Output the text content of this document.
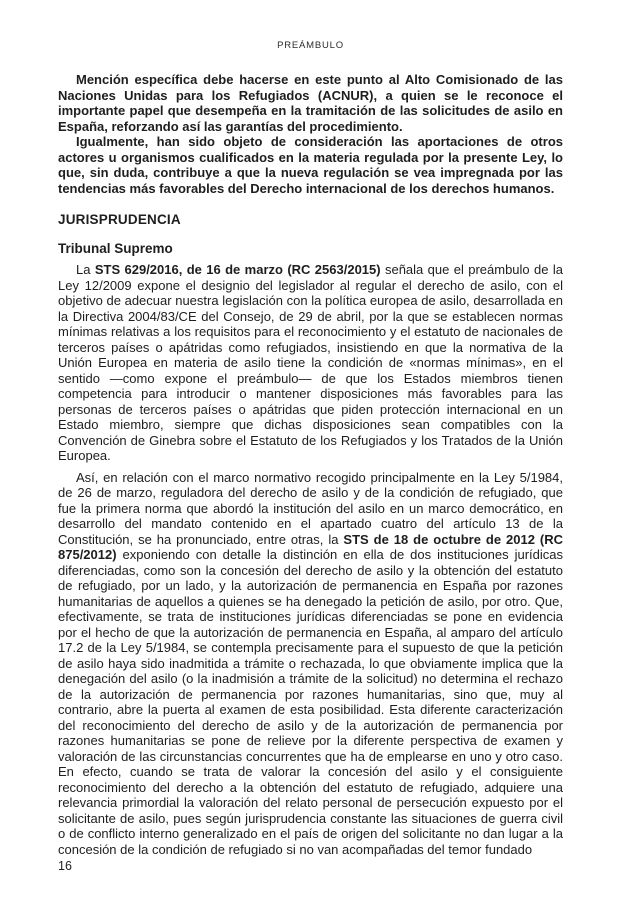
PREÁMBULO

Mención específica debe hacerse en este punto al Alto Comisionado de las Naciones Unidas para los Refugiados (ACNUR), a quien se le reconoce el importante papel que desempeña en la tramitación de las solicitudes de asilo en España, reforzando así las garantías del procedimiento.

Igualmente, han sido objeto de consideración las aportaciones de otros actores u organismos cualificados en la materia regulada por la presente Ley, lo que, sin duda, contribuye a que la nueva regulación se vea impregnada por las tendencias más favorables del Derecho internacional de los derechos humanos.

JURISPRUDENCIA
Tribunal Supremo

La STS 629/2016, de 16 de marzo (RC 2563/2015) señala que el preámbulo de la Ley 12/2009 expone el designio del legislador al regular el derecho de asilo, con el objetivo de adecuar nuestra legislación con la política europea de asilo, desarrollada en la Directiva 2004/83/CE del Consejo, de 29 de abril, por la que se establecen normas mínimas relativas a los requisitos para el reconocimiento y el estatuto de nacionales de terceros países o apátridas como refugiados, insistiendo en que la normativa de la Unión Europea en materia de asilo tiene la condición de «normas mínimas», en el sentido —como expone el preámbulo— de que los Estados miembros tienen competencia para introducir o mantener disposiciones más favorables para las personas de terceros países o apátridas que piden protección internacional en un Estado miembro, siempre que dichas disposiciones sean compatibles con la Convención de Ginebra sobre el Estatuto de los Refugiados y los Tratados de la Unión Europea.

Así, en relación con el marco normativo recogido principalmente en la Ley 5/1984, de 26 de marzo, reguladora del derecho de asilo y de la condición de refugiado, que fue la primera norma que abordó la institución del asilo en un marco democrático, en desarrollo del mandato contenido en el apartado cuatro del artículo 13 de la Constitución, se ha pronunciado, entre otras, la STS de 18 de octubre de 2012 (RC 875/2012) exponiendo con detalle la distinción en ella de dos instituciones jurídicas diferenciadas, como son la concesión del derecho de asilo y la obtención del estatuto de refugiado, por un lado, y la autorización de permanencia en España por razones humanitarias de aquellos a quienes se ha denegado la petición de asilo, por otro. Que, efectivamente, se trata de instituciones jurídicas diferenciadas se pone en evidencia por el hecho de que la autorización de permanencia en España, al amparo del artículo 17.2 de la Ley 5/1984, se contempla precisamente para el supuesto de que la petición de asilo haya sido inadmitida a trámite o rechazada, lo que obviamente implica que la denegación del asilo (o la inadmisión a trámite de la solicitud) no determina el rechazo de la autorización de permanencia por razones humanitarias, sino que, muy al contrario, abre la puerta al examen de esta posibilidad. Esta diferente caracterización del reconocimiento del derecho de asilo y de la autorización de permanencia por razones humanitarias se pone de relieve por la diferente perspectiva de examen y valoración de las circunstancias concurrentes que ha de emplearse en uno y otro caso. En efecto, cuando se trata de valorar la concesión del asilo y el consiguiente reconocimiento del derecho a la obtención del estatuto de refugiado, adquiere una relevancia primordial la valoración del relato personal de persecución expuesto por el solicitante de asilo, pues según jurisprudencia constante las situaciones de guerra civil o de conflicto interno generalizado en el país de origen del solicitante no dan lugar a la concesión de la condición de refugiado si no van acompañadas del temor fundado

16
